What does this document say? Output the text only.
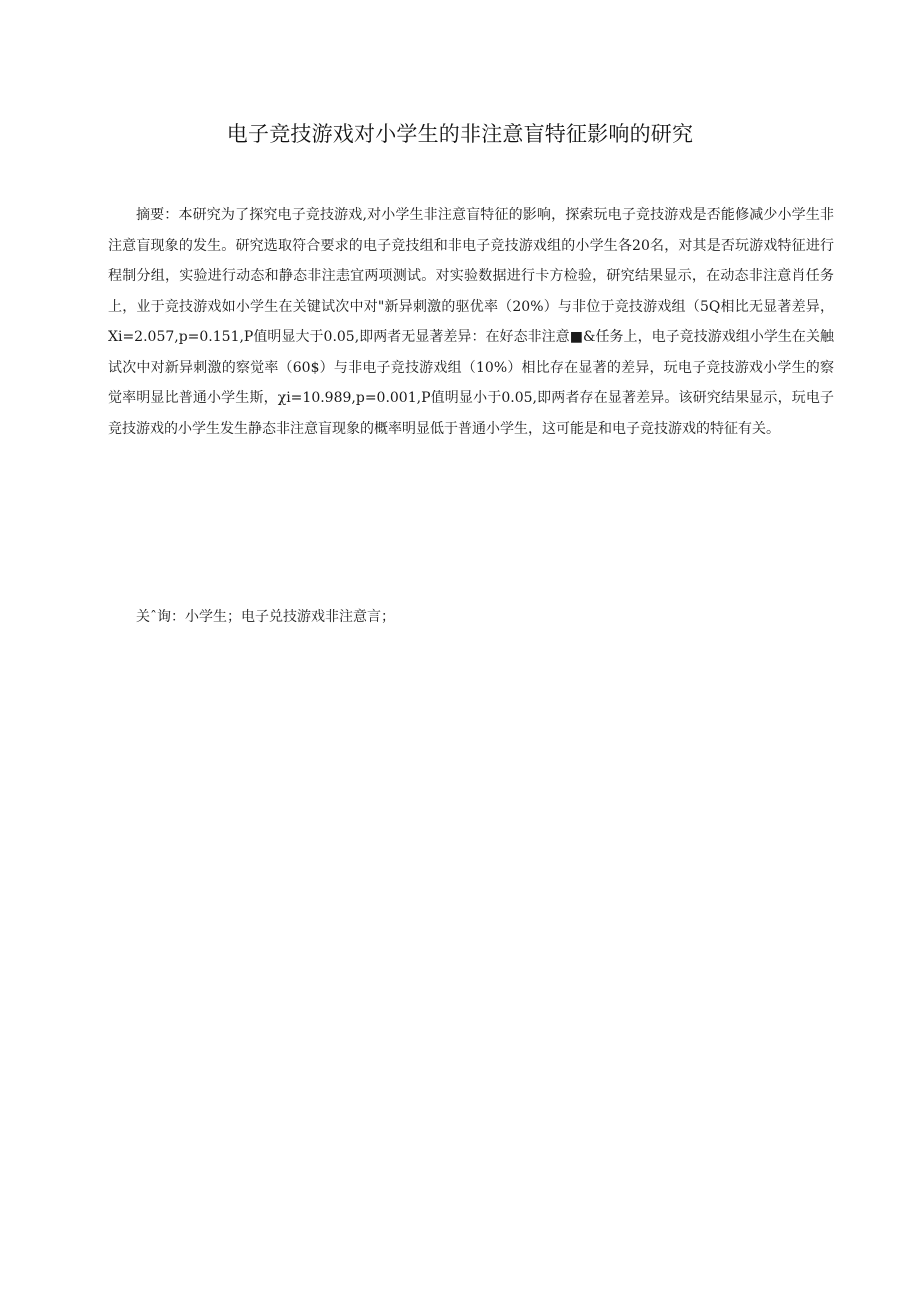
电子竞技游戏对小学生的非注意盲特征影响的研究

摘要：本研究为了探究电子竞技游戏,对小学生非注意盲特征的影响，探索玩电子竞技游戏是否能修减少小学生非注意盲现象的发生。研究选取符合要求的电子竞技组和非电子竞技游戏组的小学生各20名，对其是否玩游戏特征进行程制分组，实验进行动态和静态非注恚宜两项测试。对实验数据进行卡方检验，研究结果显示，在动态非注意肖任务上，业于竞技游戏如小学生在关键试次中对"新异刺激的驱优率（20%）与非位于竞技游戏组（5Q相比无显著差异，Xi=2.057,p=0.151,P值明显大于0.05,即两者无显著差异：在好态非注意■&任务上，电子竞技游戏组小学生在关触试次中对新异刺激的察觉率（60$）与非电子竞技游戏组（10%）相比存在显著的差异，玩电子竞技游戏小学生的察觉率明显比普通小学生斯，χi=10.989,p=0.001,P值明显小于0.05,即两者存在显著差异。该研究结果显示，玩电子竞技游戏的小学生发生静态非注意盲现象的概率明显低于普通小学生，这可能是和电子竞技游戏的特征有关。

关ˆ询：小学生；电子兑技游戏非注意言；
